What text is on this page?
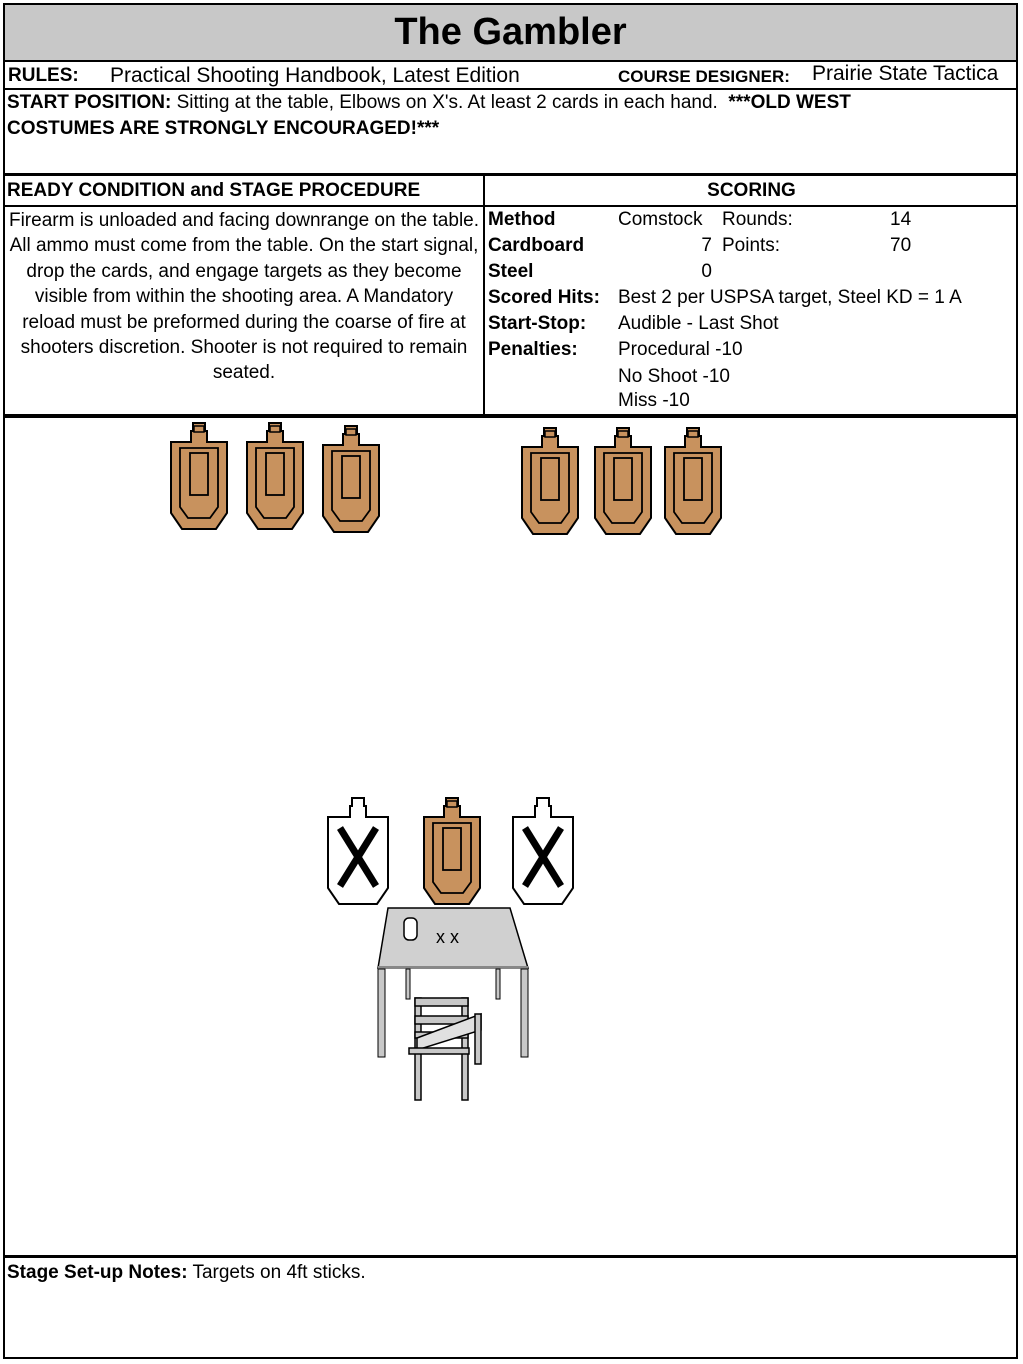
The Gambler
RULES: Practical Shooting Handbook, Latest Edition	COURSE DESIGNER: Prairie State Tactica
START POSITION: Sitting at the table, Elbows on X's. At least 2 cards in each hand.  ***OLD WEST
COSTUMES ARE STRONGLY ENCOURAGED!***
READY CONDITION and STAGE PROCEDURE	SCORING
Firearm is unloaded and facing downrange on the table. All ammo must come from the table. On the start signal, drop the cards, and engage targets as they become visible from within the shooting area. A Mandatory reload must be preformed during the coarse of fire at shooters discretion. Shooter is not required to remain seated.
Method	Comstock Rounds:	14
Cardboard	7 Points:	70
Steel	0
Scored Hits: Best 2 per USPSA target, Steel KD = 1 A
Start-Stop: Audible - Last Shot
Penalties: Procedural -10
No Shoot -10
Miss -10
x x
Stage Set-up Notes: Targets on 4ft sticks.
